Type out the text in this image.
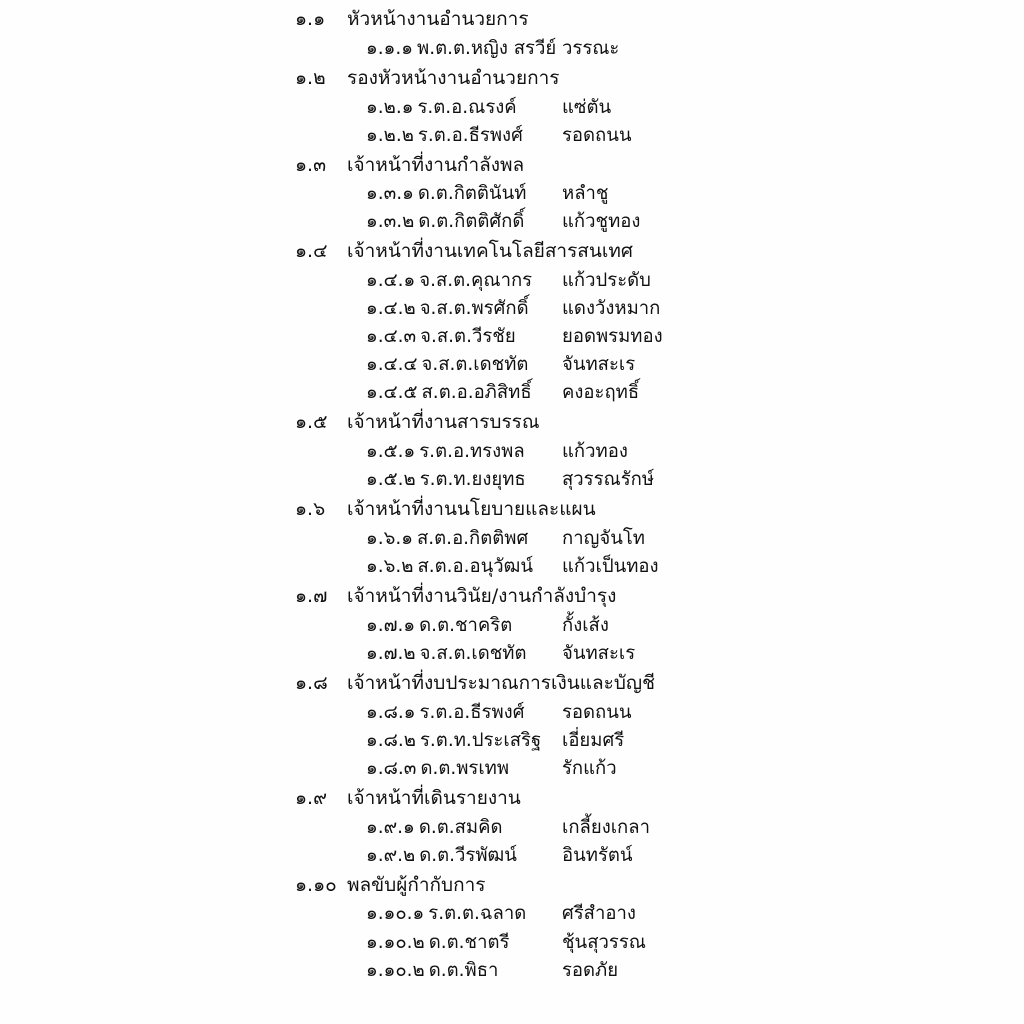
๑.๑	หัวหน้างานอำนวยการ
๑.๑.๑ พ.ต.ต.หญิง สรวีย์ วรรณะ
๑.๒	รองหัวหน้างานอำนวยการ
๑.๒.๑ ร.ต.อ.ณรงค์	แซ่ตัน
๑.๒.๒ ร.ต.อ.ธีรพงศ์	รอดถนน
๑.๓	เจ้าหน้าที่งานกำลังพล
๑.๓.๑ ด.ต.กิตตินันท์	หลำชู
๑.๓.๒ ด.ต.กิตติศักดิ์	แก้วชูทอง
๑.๔	เจ้าหน้าที่งานเทคโนโลยีสารสนเทศ
๑.๔.๑ จ.ส.ต.คุณากร	แก้วประดับ
๑.๔.๒ จ.ส.ต.พรศักดิ์	แดงวังหมาก
๑.๔.๓ จ.ส.ต.วีรชัย	ยอดพรมทอง
๑.๔.๔ จ.ส.ต.เดชทัต	จันทสะเร
๑.๔.๕ ส.ต.อ.อภิสิทธิ์	คงอะฤทธิ์
๑.๕	เจ้าหน้าที่งานสารบรรณ
๑.๕.๑ ร.ต.อ.ทรงพล	แก้วทอง
๑.๕.๒ ร.ต.ท.ยงยุทธ	สุวรรณรักษ์
๑.๖	เจ้าหน้าที่งานนโยบายและแผน
๑.๖.๑ ส.ต.อ.กิตติพศ	กาญจันโท
๑.๖.๒ ส.ต.อ.อนุวัฒน์	แก้วเป็นทอง
๑.๗	เจ้าหน้าที่งานวินัย/งานกำลังบำรุง
๑.๗.๑ ด.ต.ชาคริต	กั้งเส้ง
๑.๗.๒ จ.ส.ต.เดชทัต	จันทสะเร
๑.๘	เจ้าหน้าที่งบประมาณการเงินและบัญชี
๑.๘.๑ ร.ต.อ.ธีรพงศ์	รอดถนน
๑.๘.๒ ร.ต.ท.ประเสริฐ	เอี่ยมศรี
๑.๘.๓ ด.ต.พรเทพ	รักแก้ว
๑.๙	เจ้าหน้าที่เดินรายงาน
๑.๙.๑ ด.ต.สมคิด	เกลี้ยงเกลา
๑.๙.๒ ด.ต.วีรพัฒน์	อินทรัตน์
๑.๑๐ พลขับผู้กำกับการ
๑.๑๐.๑ ร.ต.ต.ฉลาด	ศรีสำอาง
๑.๑๐.๒ ด.ต.ชาตรี	ชุ้นสุวรรณ
๑.๑๐.๒ ด.ต.พิธา	รอดภัย
